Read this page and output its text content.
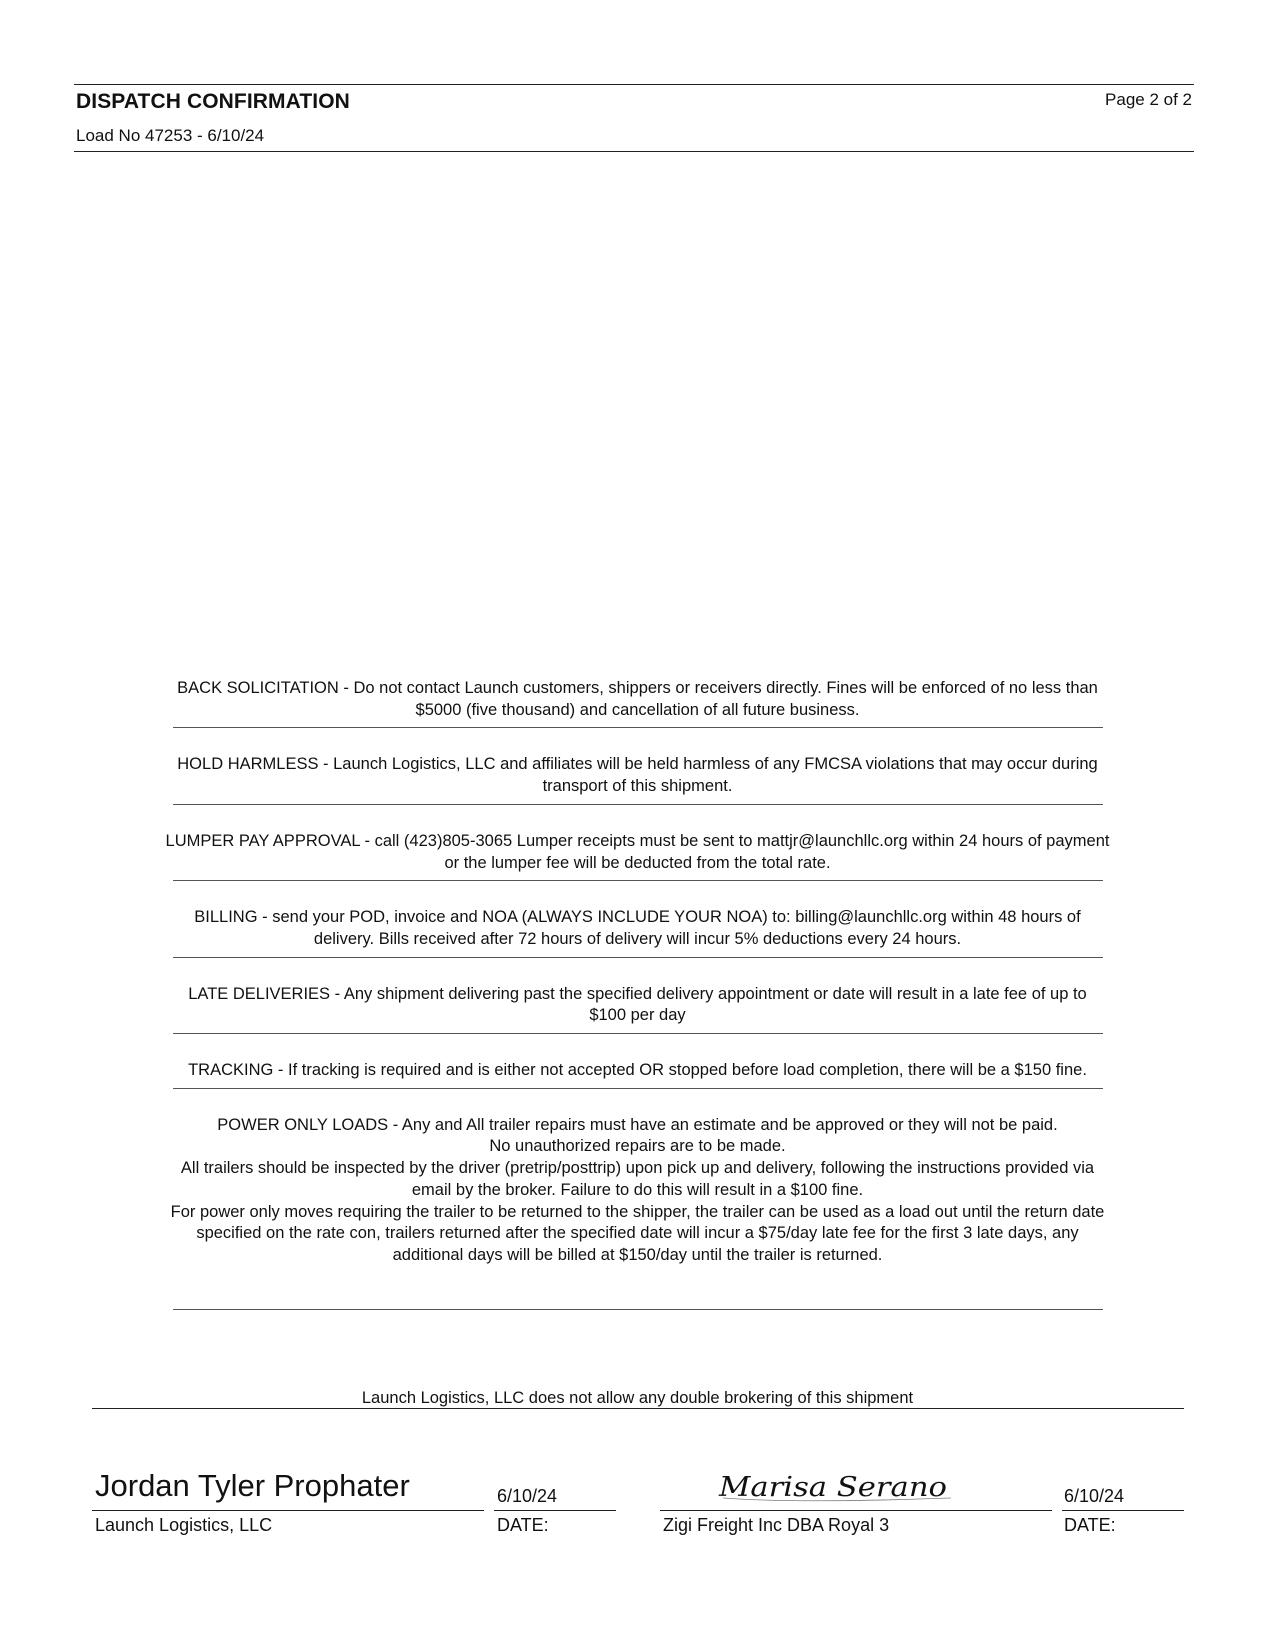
DISPATCH CONFIRMATION	Page 2 of 2
Load No 47253 - 6/10/24

BACK SOLICITATION - Do not contact Launch customers, shippers or receivers directly. Fines will be enforced of no less than

$5000 (five thousand) and cancellation of all future business.

HOLD HARMLESS - Launch Logistics, LLC and affiliates will be held harmless of any FMCSA violations that may occur during

transport of this shipment.

LUMPER PAY APPROVAL - call (423)805-3065 Lumper receipts must be sent to mattjr@launchllc.org within 24 hours of payment

or the lumper fee will be deducted from the total rate.

BILLING - send your POD, invoice and NOA (ALWAYS INCLUDE YOUR NOA) to: billing@launchllc.org within 48 hours of

delivery. Bills received after 72 hours of delivery will incur 5% deductions every 24 hours.

LATE DELIVERIES - Any shipment delivering past the specified delivery appointment or date will result in a late fee of up to

$100 per day

TRACKING - If tracking is required and is either not accepted OR stopped before load completion, there will be a $150 fine.

POWER ONLY LOADS - Any and All trailer repairs must have an estimate and be approved or they will not be paid.

No unauthorized repairs are to be made.

All trailers should be inspected by the driver (pretrip/posttrip) upon pick up and delivery, following the instructions provided via

email by the broker. Failure to do this will result in a $100 fine.

For power only moves requiring the trailer to be returned to the shipper, the trailer can be used as a load out until the return date

specified on the rate con, trailers returned after the specified date will incur a $75/day late fee for the first 3 late days, any

additional days will be billed at $150/day until the trailer is returned.

Launch Logistics, LLC does not allow any double brokering of this shipment
Jordan Tyler Prophater
Launch Logistics, LLC
6/10/24
DATE:
Marisa Serano
Zigi Freight Inc DBA Royal 3
6/10/24
DATE:
